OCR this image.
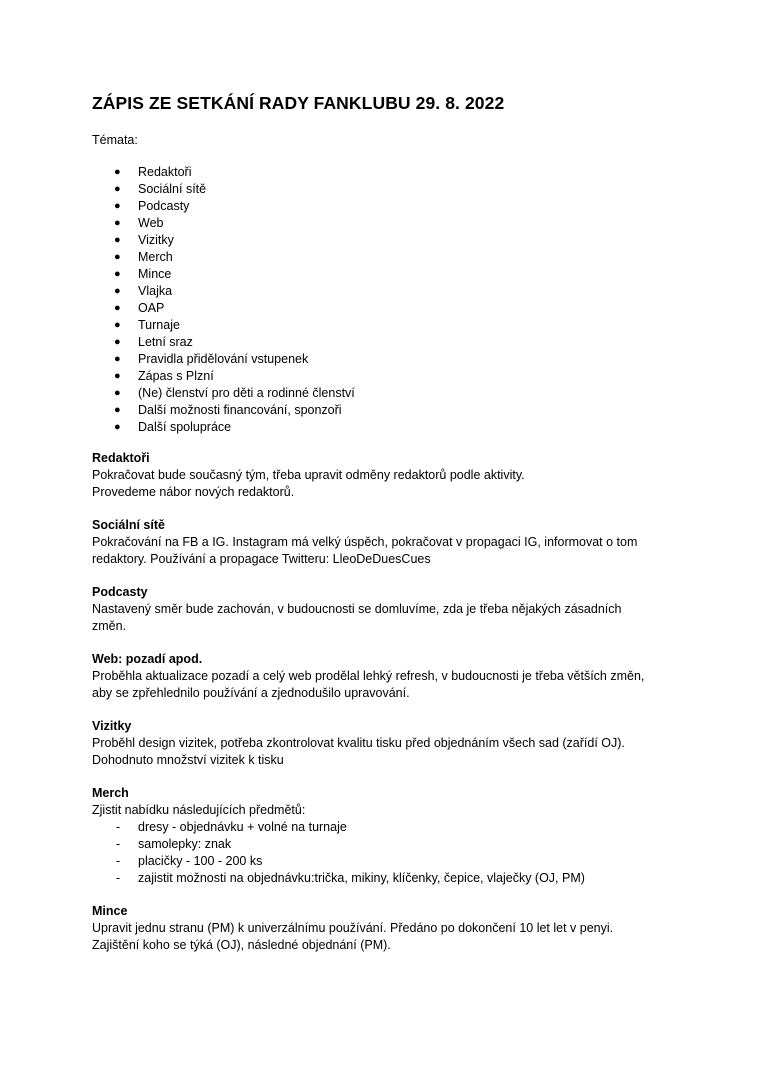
ZÁPIS ZE SETKÁNÍ RADY FANKLUBU 29. 8. 2022

Témata:

● Redaktoři
● Sociální sítě
● Podcasty
● Web
● Vizitky
● Merch
● Mince
● Vlajka
● OAP
● Turnaje
● Letní sraz
● Pravidla přidělování vstupenek
● Zápas s Plzní
● (Ne) členství pro děti a rodinné členství
● Další možnosti financování, sponzoři
● Další spolupráce

Redaktoři

Pokračovat bude současný tým, třeba upravit odměny redaktorů podle aktivity.

Provedeme nábor nových redaktorů.

Sociální sítě

Pokračování na FB a IG. Instagram má velký úspěch, pokračovat v propagaci IG, informovat o tom

redaktory. Používání a propagace Twitteru: LleoDeDuesCues

Podcasty

Nastavený směr bude zachován, v budoucnosti se domluvíme, zda je třeba nějakých zásadních

změn.

Web: pozadí apod.

Proběhla aktualizace pozadí a celý web prodělal lehký refresh, v budoucnosti je třeba větších změn,

aby se zpřehlednilo používání a zjednodušilo upravování.

Vizitky

Proběhl design vizitek, potřeba zkontrolovat kvalitu tisku před objednáním všech sad (zařídí OJ).

Dohodnuto množství vizitek k tisku

Merch

Zjistit nabídku následujících předmětů:

- dresy - objednávku + volné na turnaje
- samolepky: znak
- placičky - 100 - 200 ks
- zajistit možnosti na objednávku:trička, mikiny, klíčenky, čepice, vlaječky (OJ, PM)

Mince

Upravit jednu stranu (PM) k univerzálnímu používání. Předáno po dokončení 10 let let v penyi.

Zajištění koho se týká (OJ), následné objednání (PM).
